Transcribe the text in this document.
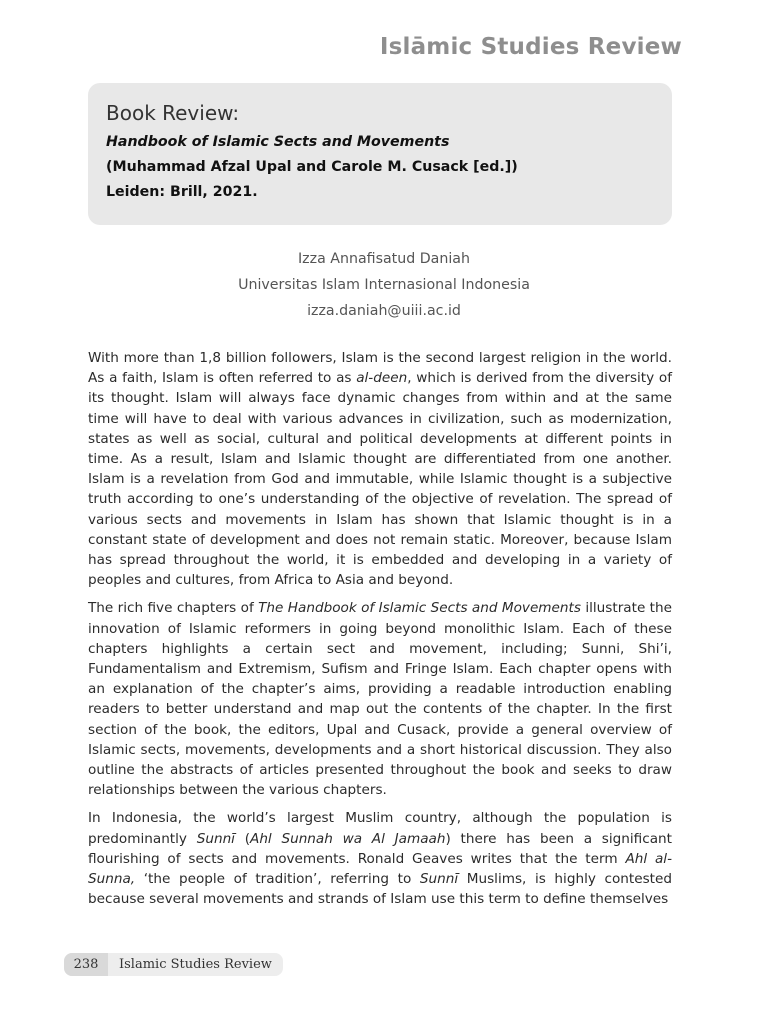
Islāmic Studies Review
Book Review:
Handbook of Islamic Sects and Movements
(Muhammad Afzal Upal and Carole M. Cusack [ed.])
Leiden: Brill, 2021.
Izza Annafisatud Daniah
Universitas Islam Internasional Indonesia
izza.daniah@uiii.ac.id

With more than 1,8 billion followers, Islam is the second largest religion in the world. As a faith, Islam is often referred to as al-deen, which is derived from the diversity of its thought. Islam will always face dynamic changes from within and at the same time will have to deal with various advances in civilization, such as modernization, states as well as social, cultural and political developments at different points in time. As a result, Islam and Islamic thought are differentiated from one another. Islam is a revelation from God and immutable, while Islamic thought is a subjective truth according to one’s understanding of the objective of revelation. The spread of various sects and movements in Islam has shown that Islamic thought is in a constant state of development and does not remain static. Moreover, because Islam has spread throughout the world, it is embedded and developing in a variety of peoples and cultures, from Africa to Asia and beyond.

The rich five chapters of The Handbook of Islamic Sects and Movements illustrate the innovation of Islamic reformers in going beyond monolithic Islam. Each of these chapters highlights a certain sect and movement, including; Sunni, Shi’i, Fundamentalism and Extremism, Sufism and Fringe Islam. Each chapter opens with an explanation of the chapter’s aims, providing a readable introduction enabling readers to better understand and map out the contents of the chapter. In the first section of the book, the editors, Upal and Cusack, provide a general overview of Islamic sects, movements, developments and a short historical discussion. They also outline the abstracts of articles presented throughout the book and seeks to draw relationships between the various chapters.

In Indonesia, the world’s largest Muslim country, although the population is predominantly Sunnī (Ahl Sunnah wa Al Jamaah) there has been a significant flourishing of sects and movements. Ronald Geaves writes that the term Ahl al-Sunna, ‘the people of tradition’, referring to Sunnī Muslims, is highly contested because several movements and strands of Islam use this term to define themselves

238	Islamic Studies Review
